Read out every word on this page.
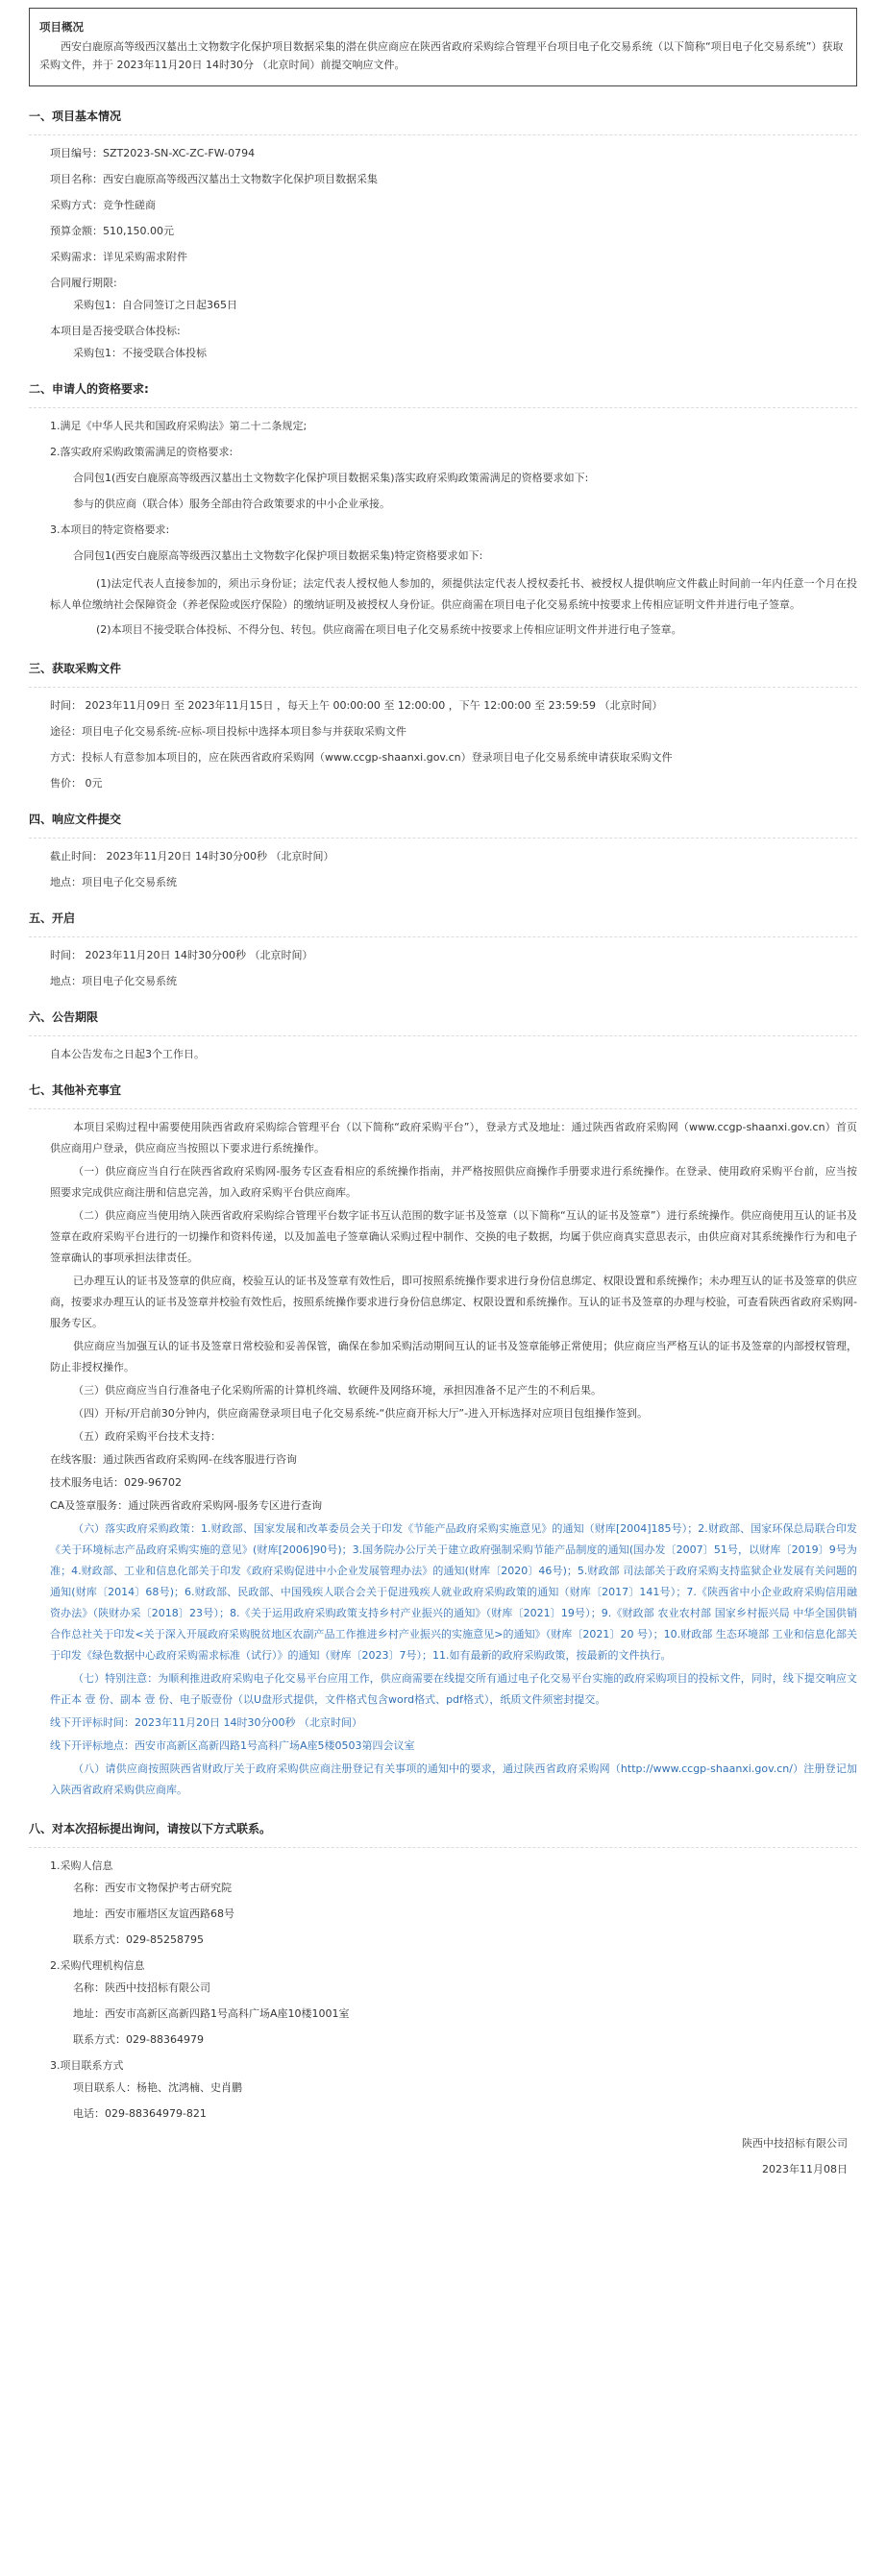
项目概况
西安白鹿原高等级西汉墓出土文物数字化保护项目数据采集的潜在供应商应在陕西省政府采购综合管理平台项目电子化交易系统（以下简称“项目电子化交易系统”）获取采购文件，并于 2023年11月20日 14时30分 （北京时间）前提交响应文件。
一、项目基本情况
项目编号：SZT2023-SN-XC-ZC-FW-0794
项目名称：西安白鹿原高等级西汉墓出土文物数字化保护项目数据采集
采购方式：竞争性磋商
预算金额：510,150.00元
采购需求：详见采购需求附件
合同履行期限:
采购包1：自合同签订之日起365日
本项目是否接受联合体投标:
采购包1：不接受联合体投标
二、申请人的资格要求:
1.满足《中华人民共和国政府采购法》第二十二条规定;
2.落实政府采购政策需满足的资格要求:
合同包1(西安白鹿原高等级西汉墓出土文物数字化保护项目数据采集)落实政府采购政策需满足的资格要求如下:
参与的供应商（联合体）服务全部由符合政策要求的中小企业承接。
3.本项目的特定资格要求:
合同包1(西安白鹿原高等级西汉墓出土文物数字化保护项目数据采集)特定资格要求如下:
(1)法定代表人直接参加的，须出示身份证；法定代表人授权他人参加的，须提供法定代表人授权委托书、被授权人提供响应文件截止时间前一年内任意一个月在投标人单位缴纳社会保障资金（养老保险或医疗保险）的缴纳证明及被授权人身份证。供应商需在项目电子化交易系统中按要求上传相应证明文件并进行电子签章。
(2)本项目不接受联合体投标、不得分包、转包。供应商需在项目电子化交易系统中按要求上传相应证明文件并进行电子签章。
三、获取采购文件
时间： 2023年11月09日 至 2023年11月15日 ，每天上午 00:00:00 至 12:00:00 ，下午 12:00:00 至 23:59:59 （北京时间）
途径：项目电子化交易系统-应标-项目投标中选择本项目参与并获取采购文件
方式：投标人有意参加本项目的，应在陕西省政府采购网（www.ccgp-shaanxi.gov.cn）登录项目电子化交易系统申请获取采购文件
售价： 0元
四、响应文件提交
截止时间： 2023年11月20日 14时30分00秒 （北京时间）
地点：项目电子化交易系统
五、开启
时间： 2023年11月20日 14时30分00秒 （北京时间）
地点：项目电子化交易系统
六、公告期限
自本公告发布之日起3个工作日。
七、其他补充事宜
本项目采购过程中需要使用陕西省政府采购综合管理平台（以下简称“政府采购平台”），登录方式及地址：通过陕西省政府采购网（www.ccgp-shaanxi.gov.cn）首页供应商用户登录，供应商应当按照以下要求进行系统操作。
（一）供应商应当自行在陕西省政府采购网-服务专区查看相应的系统操作指南，并严格按照供应商操作手册要求进行系统操作。在登录、使用政府采购平台前，应当按照要求完成供应商注册和信息完善，加入政府采购平台供应商库。
（二）供应商应当使用纳入陕西省政府采购综合管理平台数字证书互认范围的数字证书及签章（以下简称“互认的证书及签章”）进行系统操作。供应商使用互认的证书及签章在政府采购平台进行的一切操作和资料传递，以及加盖电子签章确认采购过程中制作、交换的电子数据，均属于供应商真实意思表示，由供应商对其系统操作行为和电子签章确认的事项承担法律责任。
已办理互认的证书及签章的供应商，校验互认的证书及签章有效性后，即可按照系统操作要求进行身份信息绑定、权限设置和系统操作；未办理互认的证书及签章的供应商，按要求办理互认的证书及签章并校验有效性后，按照系统操作要求进行身份信息绑定、权限设置和系统操作。互认的证书及签章的办理与校验，可查看陕西省政府采购网-服务专区。
供应商应当加强互认的证书及签章日常校验和妥善保管，确保在参加采购活动期间互认的证书及签章能够正常使用；供应商应当严格互认的证书及签章的内部授权管理，防止非授权操作。
（三）供应商应当自行准备电子化采购所需的计算机终端、软硬件及网络环境，承担因准备不足产生的不利后果。
（四）开标/开启前30分钟内，供应商需登录项目电子化交易系统-“供应商开标大厅”-进入开标选择对应项目包组操作签到。
（五）政府采购平台技术支持：
在线客服：通过陕西省政府采购网-在线客服进行咨询
技术服务电话：029-96702
CA及签章服务：通过陕西省政府采购网-服务专区进行查询
（六）落实政府采购政策：1.财政部、国家发展和改革委员会关于印发《节能产品政府采购实施意见》的通知（财库[2004]185号）；2.财政部、国家环保总局联合印发《关于环境标志产品政府采购实施的意见》(财库[2006]90号)；3.国务院办公厅关于建立政府强制采购节能产品制度的通知(国办发〔2007〕51号，以财库〔2019〕9号为准；4.财政部、工业和信息化部关于印发《政府采购促进中小企业发展管理办法》的通知(财库〔2020〕46号)；5.财政部 司法部关于政府采购支持监狱企业发展有关问题的通知(财库〔2014〕68号)；6.财政部、民政部、中国残疾人联合会关于促进残疾人就业政府采购政策的通知（财库〔2017〕141号）；7.《陕西省中小企业政府采购信用融资办法》（陕财办采〔2018〕23号）；8.《关于运用政府采购政策支持乡村产业振兴的通知》（财库〔2021〕19号）；9.《财政部 农业农村部 国家乡村振兴局 中华全国供销合作总社关于印发<关于深入开展政府采购脱贫地区农副产品工作推进乡村产业振兴的实施意见>的通知》（财库〔2021〕20 号）；10.财政部 生态环境部 工业和信息化部关于印发《绿色数据中心政府采购需求标准（试行）》的通知（财库〔2023〕7号）；11.如有最新的政府采购政策，按最新的文件执行。
（七）特别注意：为顺利推进政府采购电子化交易平台应用工作，供应商需要在线提交所有通过电子化交易平台实施的政府采购项目的投标文件，同时，线下提交响应文件正本 壹 份、副本 壹 份、电子版壹份（以U盘形式提供，文件格式包含word格式、pdf格式），纸质文件须密封提交。
线下开评标时间：2023年11月20日 14时30分00秒 （北京时间）
线下开评标地点：西安市高新区高新四路1号高科广场A座5楼0503第四会议室
（八）请供应商按照陕西省财政厅关于政府采购供应商注册登记有关事项的通知中的要求，通过陕西省政府采购网（http://www.ccgp-shaanxi.gov.cn/）注册登记加入陕西省政府采购供应商库。
八、对本次招标提出询问，请按以下方式联系。
1.采购人信息
名称：西安市文物保护考古研究院
地址：西安市雁塔区友谊西路68号
联系方式：029-85258795
2.采购代理机构信息
名称：陕西中技招标有限公司
地址：西安市高新区高新四路1号高科广场A座10楼1001室
联系方式：029-88364979
3.项目联系方式
项目联系人：杨艳、沈鸿楠、史肖鹏
电话：029-88364979-821
陕西中技招标有限公司
2023年11月08日
